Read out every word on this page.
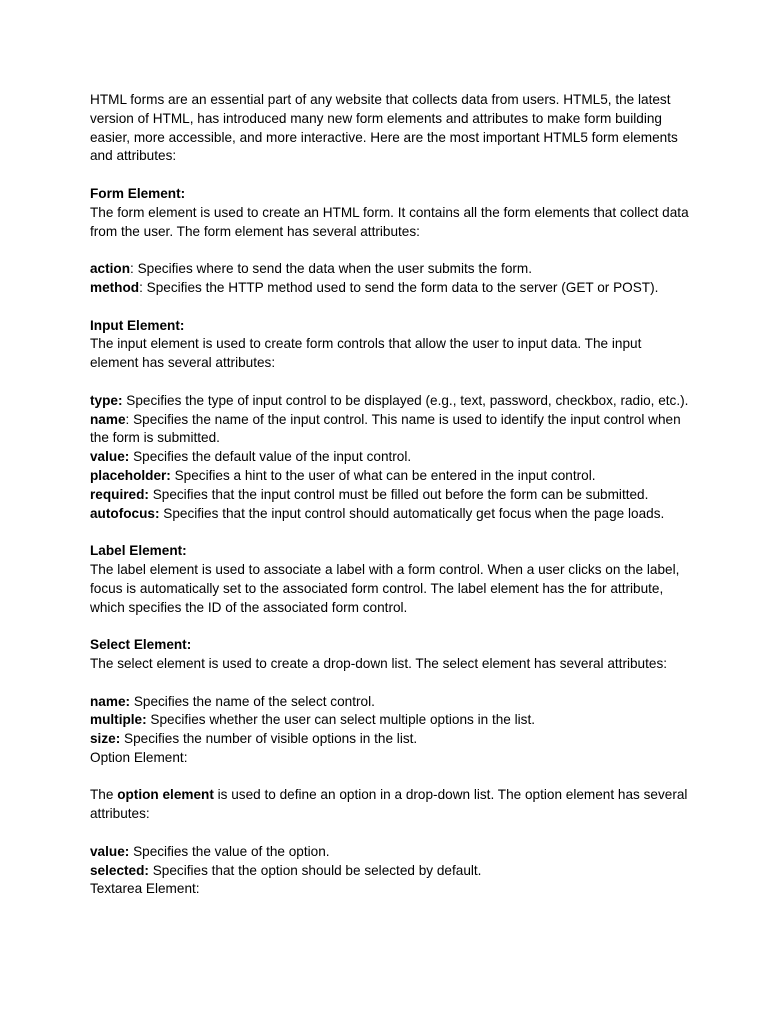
HTML forms are an essential part of any website that collects data from users. HTML5, the latest version of HTML, has introduced many new form elements and attributes to make form building easier, more accessible, and more interactive. Here are the most important HTML5 form elements and attributes:

Form Element:

The form element is used to create an HTML form. It contains all the form elements that collect data from the user. The form element has several attributes:

action: Specifies where to send the data when the user submits the form.
method: Specifies the HTTP method used to send the form data to the server (GET or POST).

Input Element:

The input element is used to create form controls that allow the user to input data. The input element has several attributes:

type: Specifies the type of input control to be displayed (e.g., text, password, checkbox, radio, etc.).
name: Specifies the name of the input control. This name is used to identify the input control when the form is submitted.
value: Specifies the default value of the input control.
placeholder: Specifies a hint to the user of what can be entered in the input control.
required: Specifies that the input control must be filled out before the form can be submitted.
autofocus: Specifies that the input control should automatically get focus when the page loads.

Label Element:

The label element is used to associate a label with a form control. When a user clicks on the label, focus is automatically set to the associated form control. The label element has the for attribute, which specifies the ID of the associated form control.

Select Element:

The select element is used to create a drop-down list. The select element has several attributes:

name: Specifies the name of the select control.
multiple: Specifies whether the user can select multiple options in the list.
size: Specifies the number of visible options in the list.
Option Element:

The option element is used to define an option in a drop-down list. The option element has several attributes:

value: Specifies the value of the option.
selected: Specifies that the option should be selected by default.
Textarea Element:
